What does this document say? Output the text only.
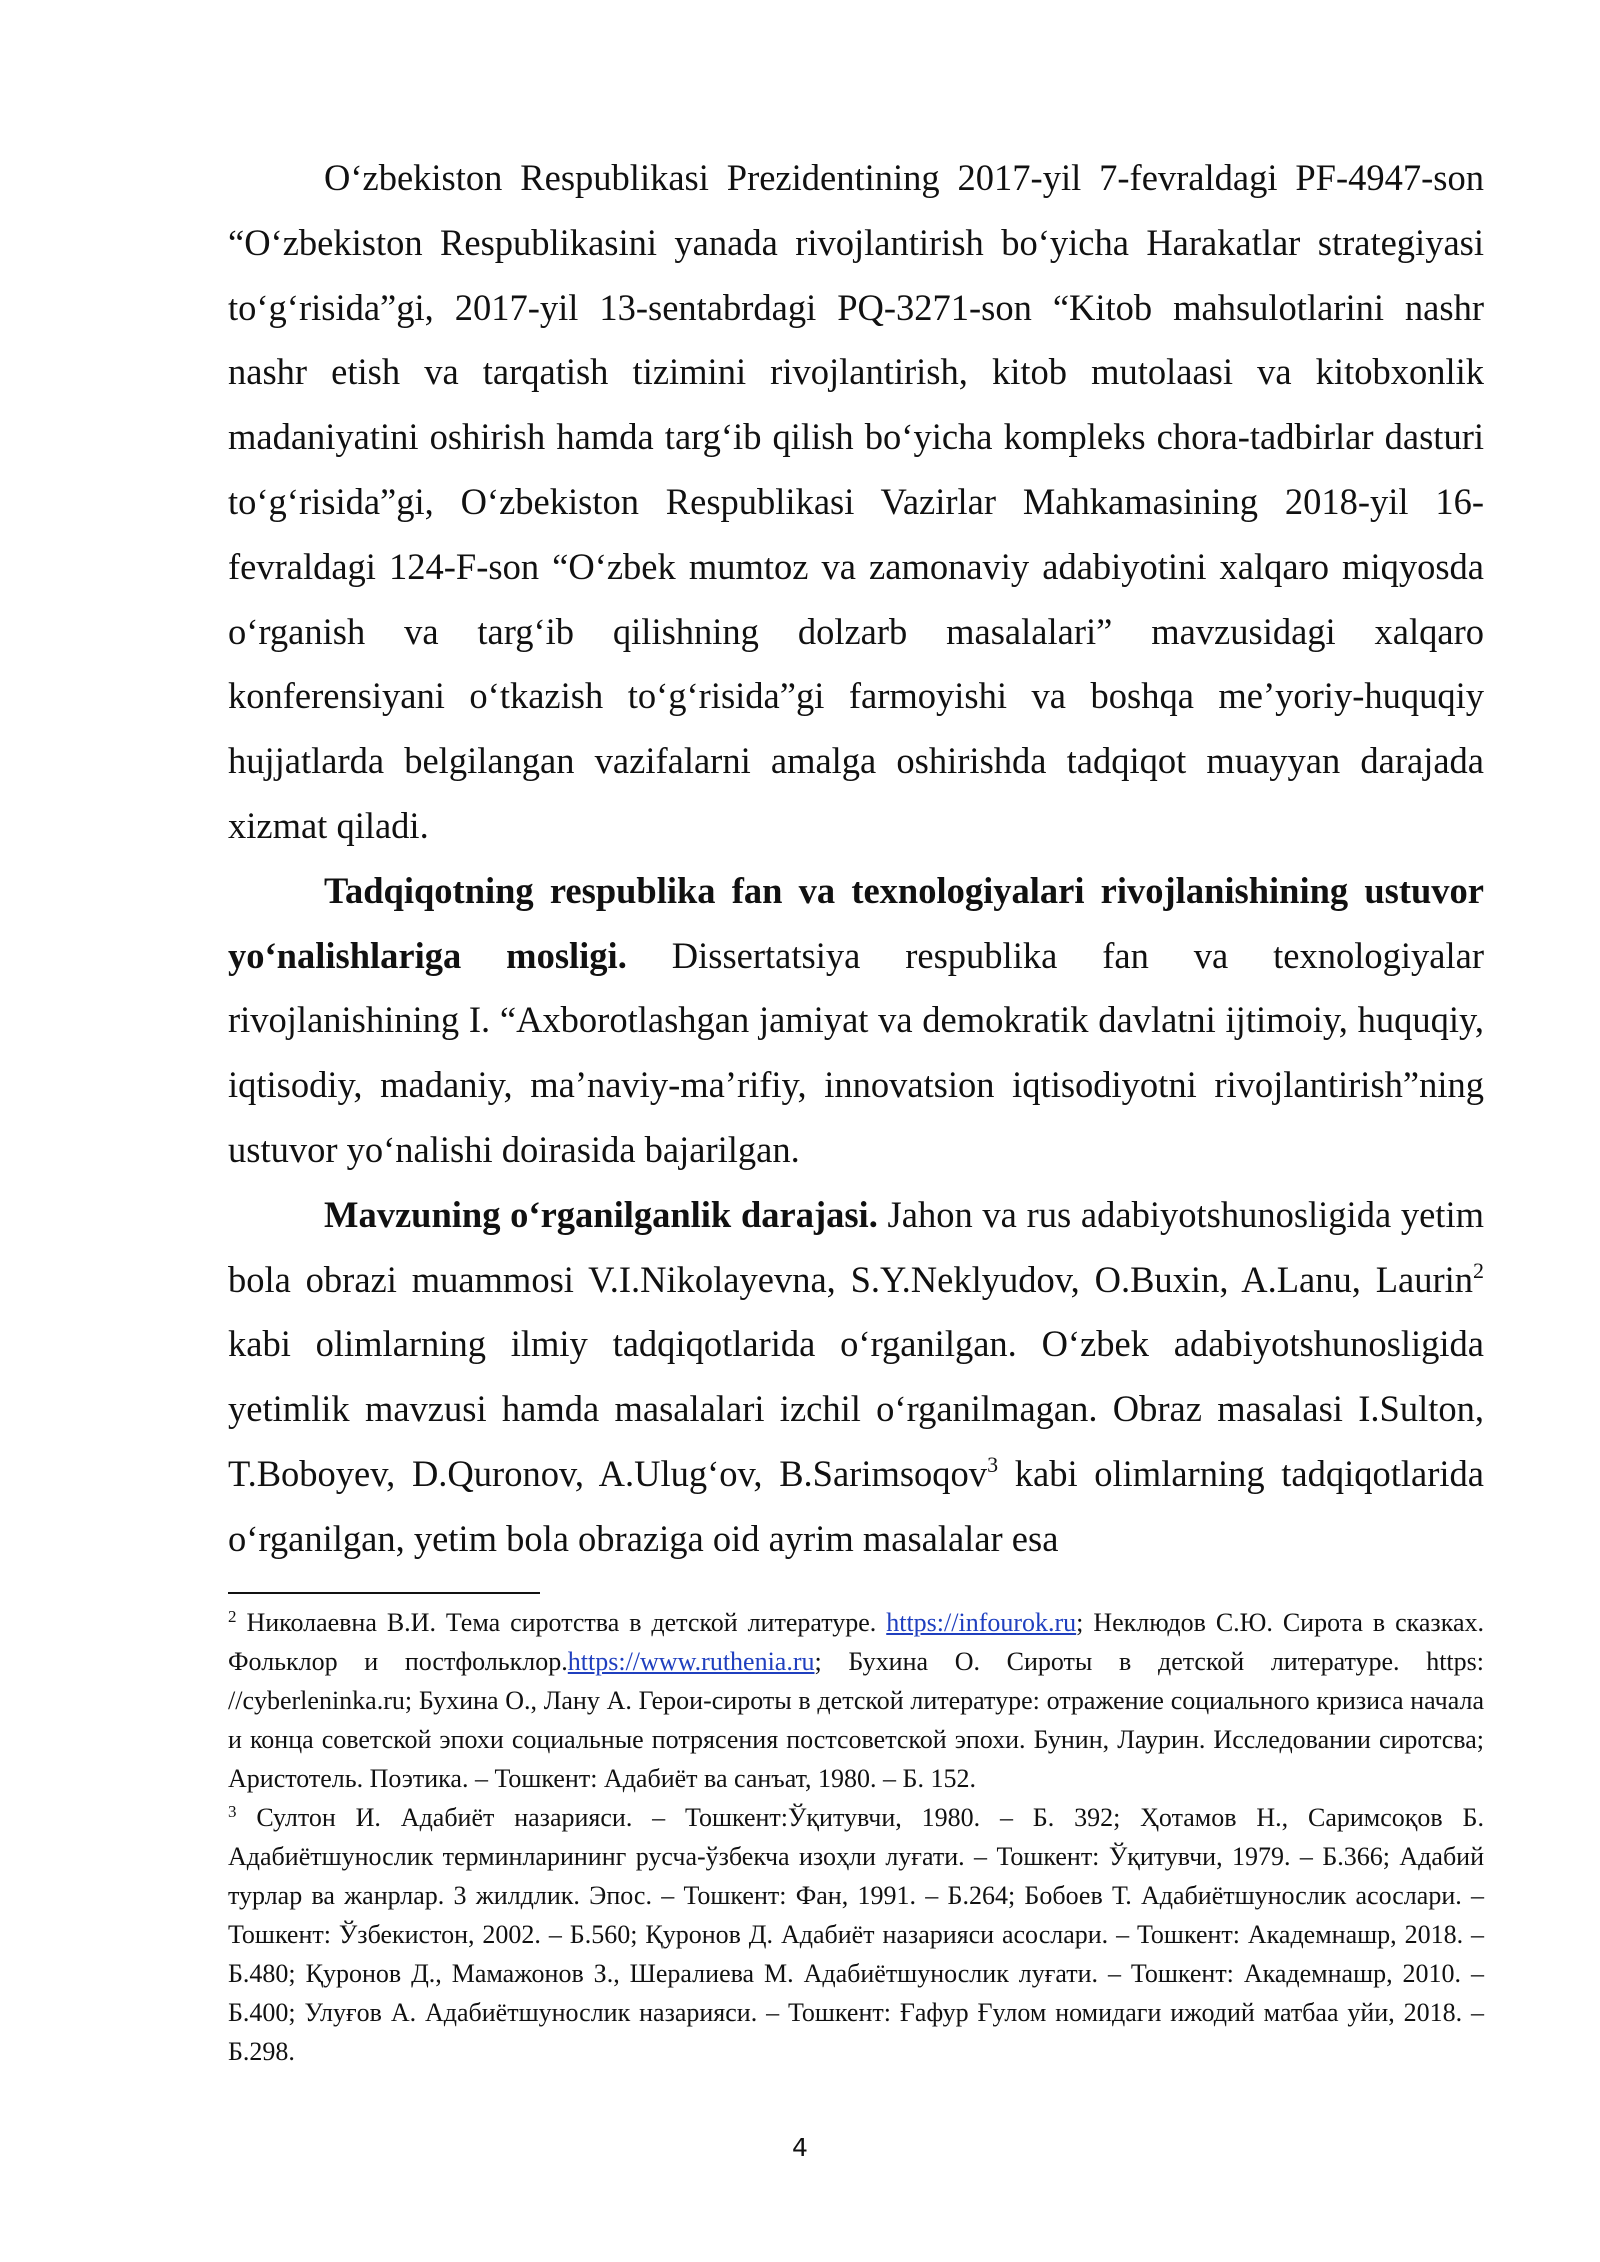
O‘zbekiston Respublikasi Prezidentining 2017-yil 7-fevraldagi PF-4947-son “O‘zbekiston Respublikasini yanada rivojlantirish bo‘yicha Harakatlar strategiyasi to‘g‘risida”gi, 2017-yil 13-sentabrdagi PQ-3271-son “Kitob mahsulotlarini nashr nashr etish va tarqatish tizimini rivojlantirish, kitob mutolaasi va kitobxonlik madaniyatini oshirish hamda targ‘ib qilish bo‘yicha kompleks chora-tadbirlar dasturi to‘g‘risida”gi, O‘zbekiston Respublikasi Vazirlar Mahkamasining 2018-yil 16-fevraldagi 124-F-son “O‘zbek mumtoz va zamonaviy adabiyotini xalqaro miqyosda o‘rganish va targ‘ib qilishning dolzarb masalalari” mavzusidagi xalqaro konferensiyani o‘tkazish to‘g‘risida”gi farmoyishi va boshqa me’yoriy-huquqiy hujjatlarda belgilangan vazifalarni amalga oshirishda tadqiqot muayyan darajada xizmat qiladi.

Tadqiqotning respublika fan va texnologiyalari rivojlanishining ustuvor yo‘nalishlariga mosligi. Dissertatsiya respublika fan va texnologiyalar rivojlanishining I. “Axborotlashgan jamiyat va demokratik davlatni ijtimoiy, huquqiy, iqtisodiy, madaniy, ma’naviy-ma’rifiy, innovatsion iqtisodiyotni rivojlantirish”ning ustuvor yo‘nalishi doirasida bajarilgan.

Mavzuning o‘rganilganlik darajasi. Jahon va rus adabiyotshunosligida yetim bola obrazi muammosi V.I.Nikolayevna, S.Y.Neklyudov, O.Buxin, A.Lanu, Laurin$^2$ kabi olimlarning ilmiy tadqiqotlarida o‘rganilgan. O‘zbek adabiyotshunosligida yetimlik mavzusi hamda masalalari izchil o‘rganilmagan. Obraz masalasi I.Sulton, T.Boboyev, D.Quronov, A.Ulug‘ov, B.Sarimsoqov$^3$ kabi olimlarning tadqiqotlarida o‘rganilgan, yetim bola obraziga oid ayrim masalalar esa

$^2$ Николаевна В.И. Тема сиротства в детской литературе. https://infourok.ru; Неклюдов С.Ю. Сирота в сказках. Фольклор и постфольклор.https://www.ruthenia.ru; Бухина О. Сироты в детской литературе. https: //cyberleninka.ru; Бухина О., Лану А. Герои-сироты в детской литературе: отражение социального кризиса начала и конца советской эпохи социальные потрясения постсоветской эпохи. Бунин, Лаурин. Исследовании сиротсва; Аристотель. Поэтика. – Тошкент: Адабиёт ва санъат, 1980. – Б. 152.

$^3$ Султон И. Адабиёт назарияси. – Тошкент:Ўқитувчи, 1980. – Б. 392; Ҳотамов Н., Саримсоқов Б. Адабиётшунослик терминларининг русча-ўзбекча изоҳли луғати. – Тошкент: Ўқитувчи, 1979. – Б.366; Адабий турлар ва жанрлар. 3 жилдлик. Эпос. – Тошкент: Фан, 1991. – Б.264; Бобоев Т. Адабиётшунослик асослари. – Тошкент: Ўзбекистон, 2002. – Б.560; Қуронов Д. Адабиёт назарияси асослари. – Тошкент: Академнашр, 2018. – Б.480; Қуронов Д., Мамажонов З., Шералиева М. Адабиётшунослик луғати. – Тошкент: Академнашр, 2010. – Б.400; Улуғов А. Адабиётшунослик назарияси. – Тошкент: Ғафур Ғулом номидаги ижодий матбаа уйи, 2018. – Б.298.

4
